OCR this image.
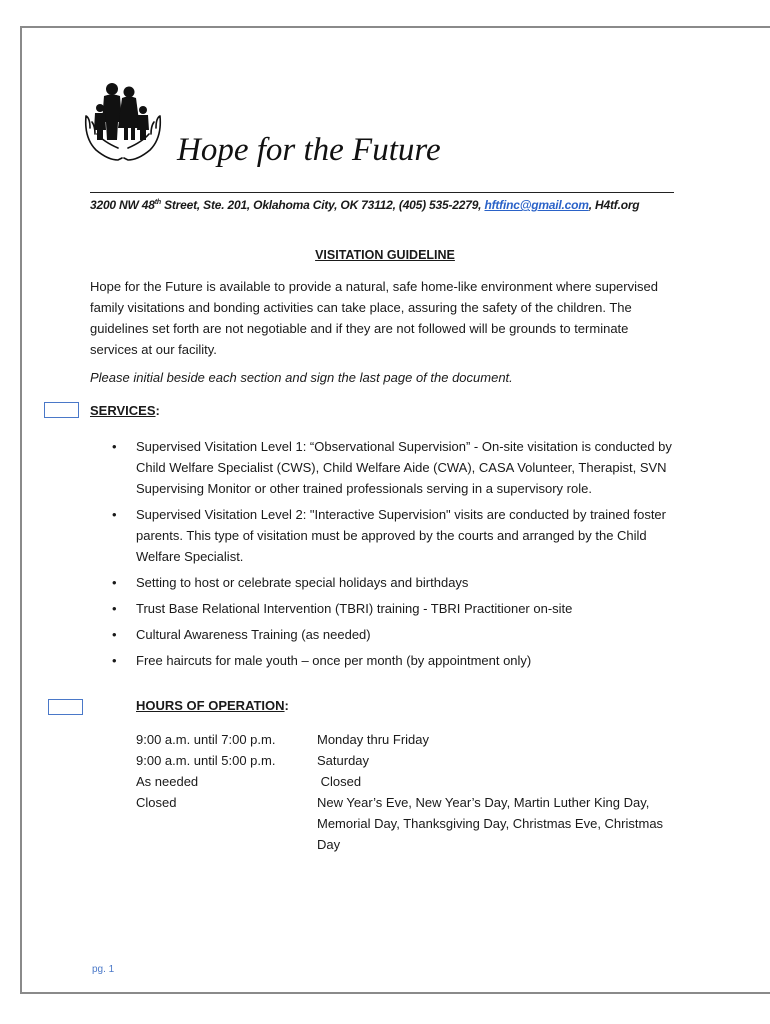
Hope for the Future
3200 NW 48th Street, Ste. 201, Oklahoma City, OK 73112, (405) 535-2279, hftfinc@gmail.com, H4tf.org
VISITATION GUIDELINE
Hope for the Future is available to provide a natural, safe home-like environment where supervised family visitations and bonding activities can take place, assuring the safety of the children. The guidelines set forth are not negotiable and if they are not followed will be grounds to terminate services at our facility.
Please initial beside each section and sign the last page of the document.
SERVICES:
• Supervised Visitation Level 1: “Observational Supervision” - On-site visitation is conducted by Child Welfare Specialist (CWS), Child Welfare Aide (CWA), CASA Volunteer, Therapist, SVN Supervising Monitor or other trained professionals serving in a supervisory role.
• Supervised Visitation Level 2: "Interactive Supervision" visits are conducted by trained foster parents. This type of visitation must be approved by the courts and arranged by the Child Welfare Specialist.
• Setting to host or celebrate special holidays and birthdays
• Trust Base Relational Intervention (TBRI) training - TBRI Practitioner on-site
• Cultural Awareness Training (as needed)
• Free haircuts for male youth – once per month (by appointment only)
HOURS OF OPERATION:
9:00 a.m. until 7:00 p.m.	Monday thru Friday
9:00 a.m. until 5:00 p.m.	Saturday
As needed	Closed
Closed	New Year’s Eve, New Year’s Day, Martin Luther King Day, Memorial Day, Thanksgiving Day, Christmas Eve, Christmas Day
pg. 1
